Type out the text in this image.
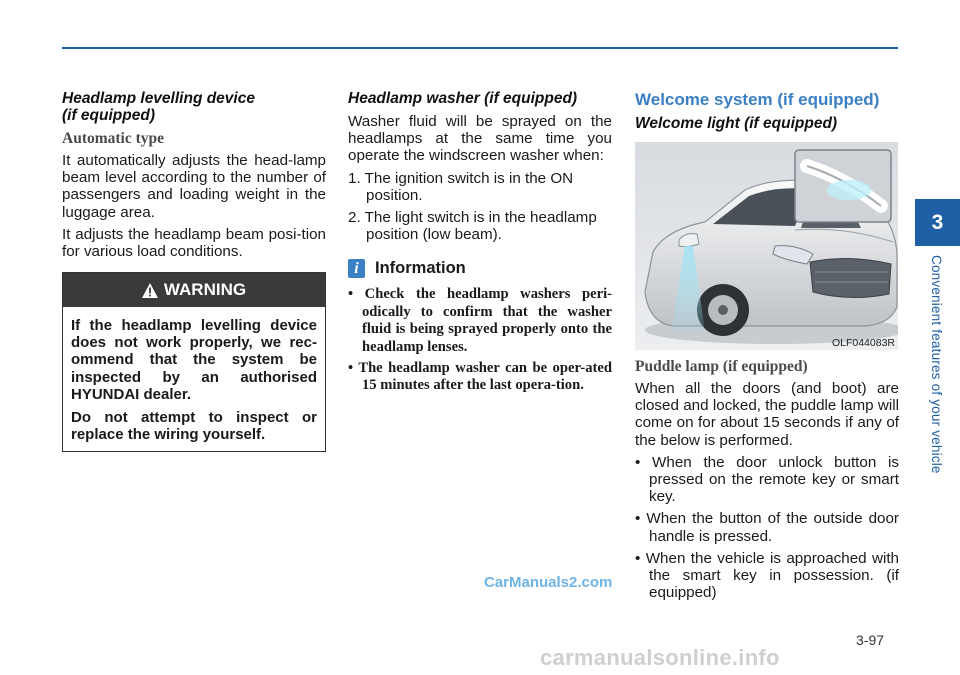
Headlamp levelling device
(if equipped)
Automatic type

It automatically adjusts the head-lamp beam level according to the number of passengers and loading weight in the luggage area.

It adjusts the headlamp beam posi-tion for various load conditions.

WARNING

If the headlamp levelling device does not work properly, we rec-ommend that the system be inspected by an authorised HYUNDAI dealer.

Do not attempt to inspect or replace the wiring yourself.

Headlamp washer (if equipped)

Washer fluid will be sprayed on the headlamps at the same time you operate the windscreen washer when:

1. The ignition switch is in the ON position.
2. The light switch is in the headlamp position (low beam).
i Information
• Check the headlamp washers peri-odically to confirm that the washer fluid is being sprayed properly onto the headlamp lenses.
• The headlamp washer can be oper-ated 15 minutes after the last opera-tion.
CarManuals2.com
Welcome system (if equipped)
Welcome light (if equipped)
OLF044083R
Puddle lamp (if equipped)

When all the doors (and boot) are closed and locked, the puddle lamp will come on for about 15 seconds if any of the below is performed.

• When the door unlock button is pressed on the remote key or smart key.
• When the button of the outside door handle is pressed.
• When the vehicle is approached with the smart key in possession. (if equipped)
3
Convenient features of your vehicle
3-97
carmanualsonline.info
